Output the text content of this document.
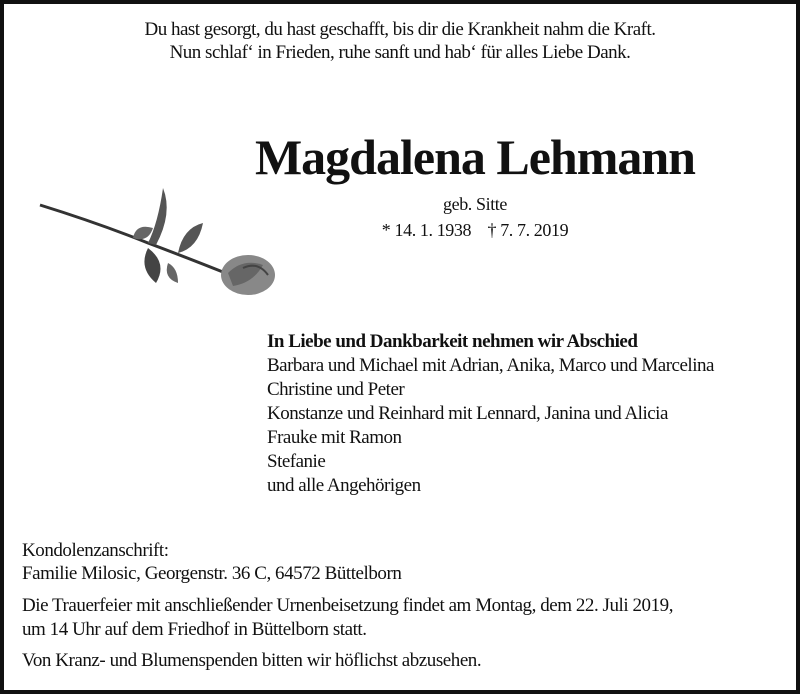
Du hast gesorgt, du hast geschafft, bis dir die Krankheit nahm die Kraft.
Nun schlaf‘ in Frieden, ruhe sanft und hab‘ für alles Liebe Dank.
Magdalena Lehmann
geb. Sitte
* 14. 1. 1938    † 7. 7. 2019
In Liebe und Dankbarkeit nehmen wir Abschied
Barbara und Michael mit Adrian, Anika, Marco und Marcelina
Christine und Peter
Konstanze und Reinhard mit Lennard, Janina und Alicia
Frauke mit Ramon
Stefanie
und alle Angehörigen
Kondolenzanschrift:
Familie Milosic, Georgenstr. 36 C, 64572 Büttelborn
Die Trauerfeier mit anschließender Urnenbeisetzung findet am Montag, dem 22. Juli 2019,
um 14 Uhr auf dem Friedhof in Büttelborn statt.
Von Kranz- und Blumenspenden bitten wir höflichst abzusehen.
